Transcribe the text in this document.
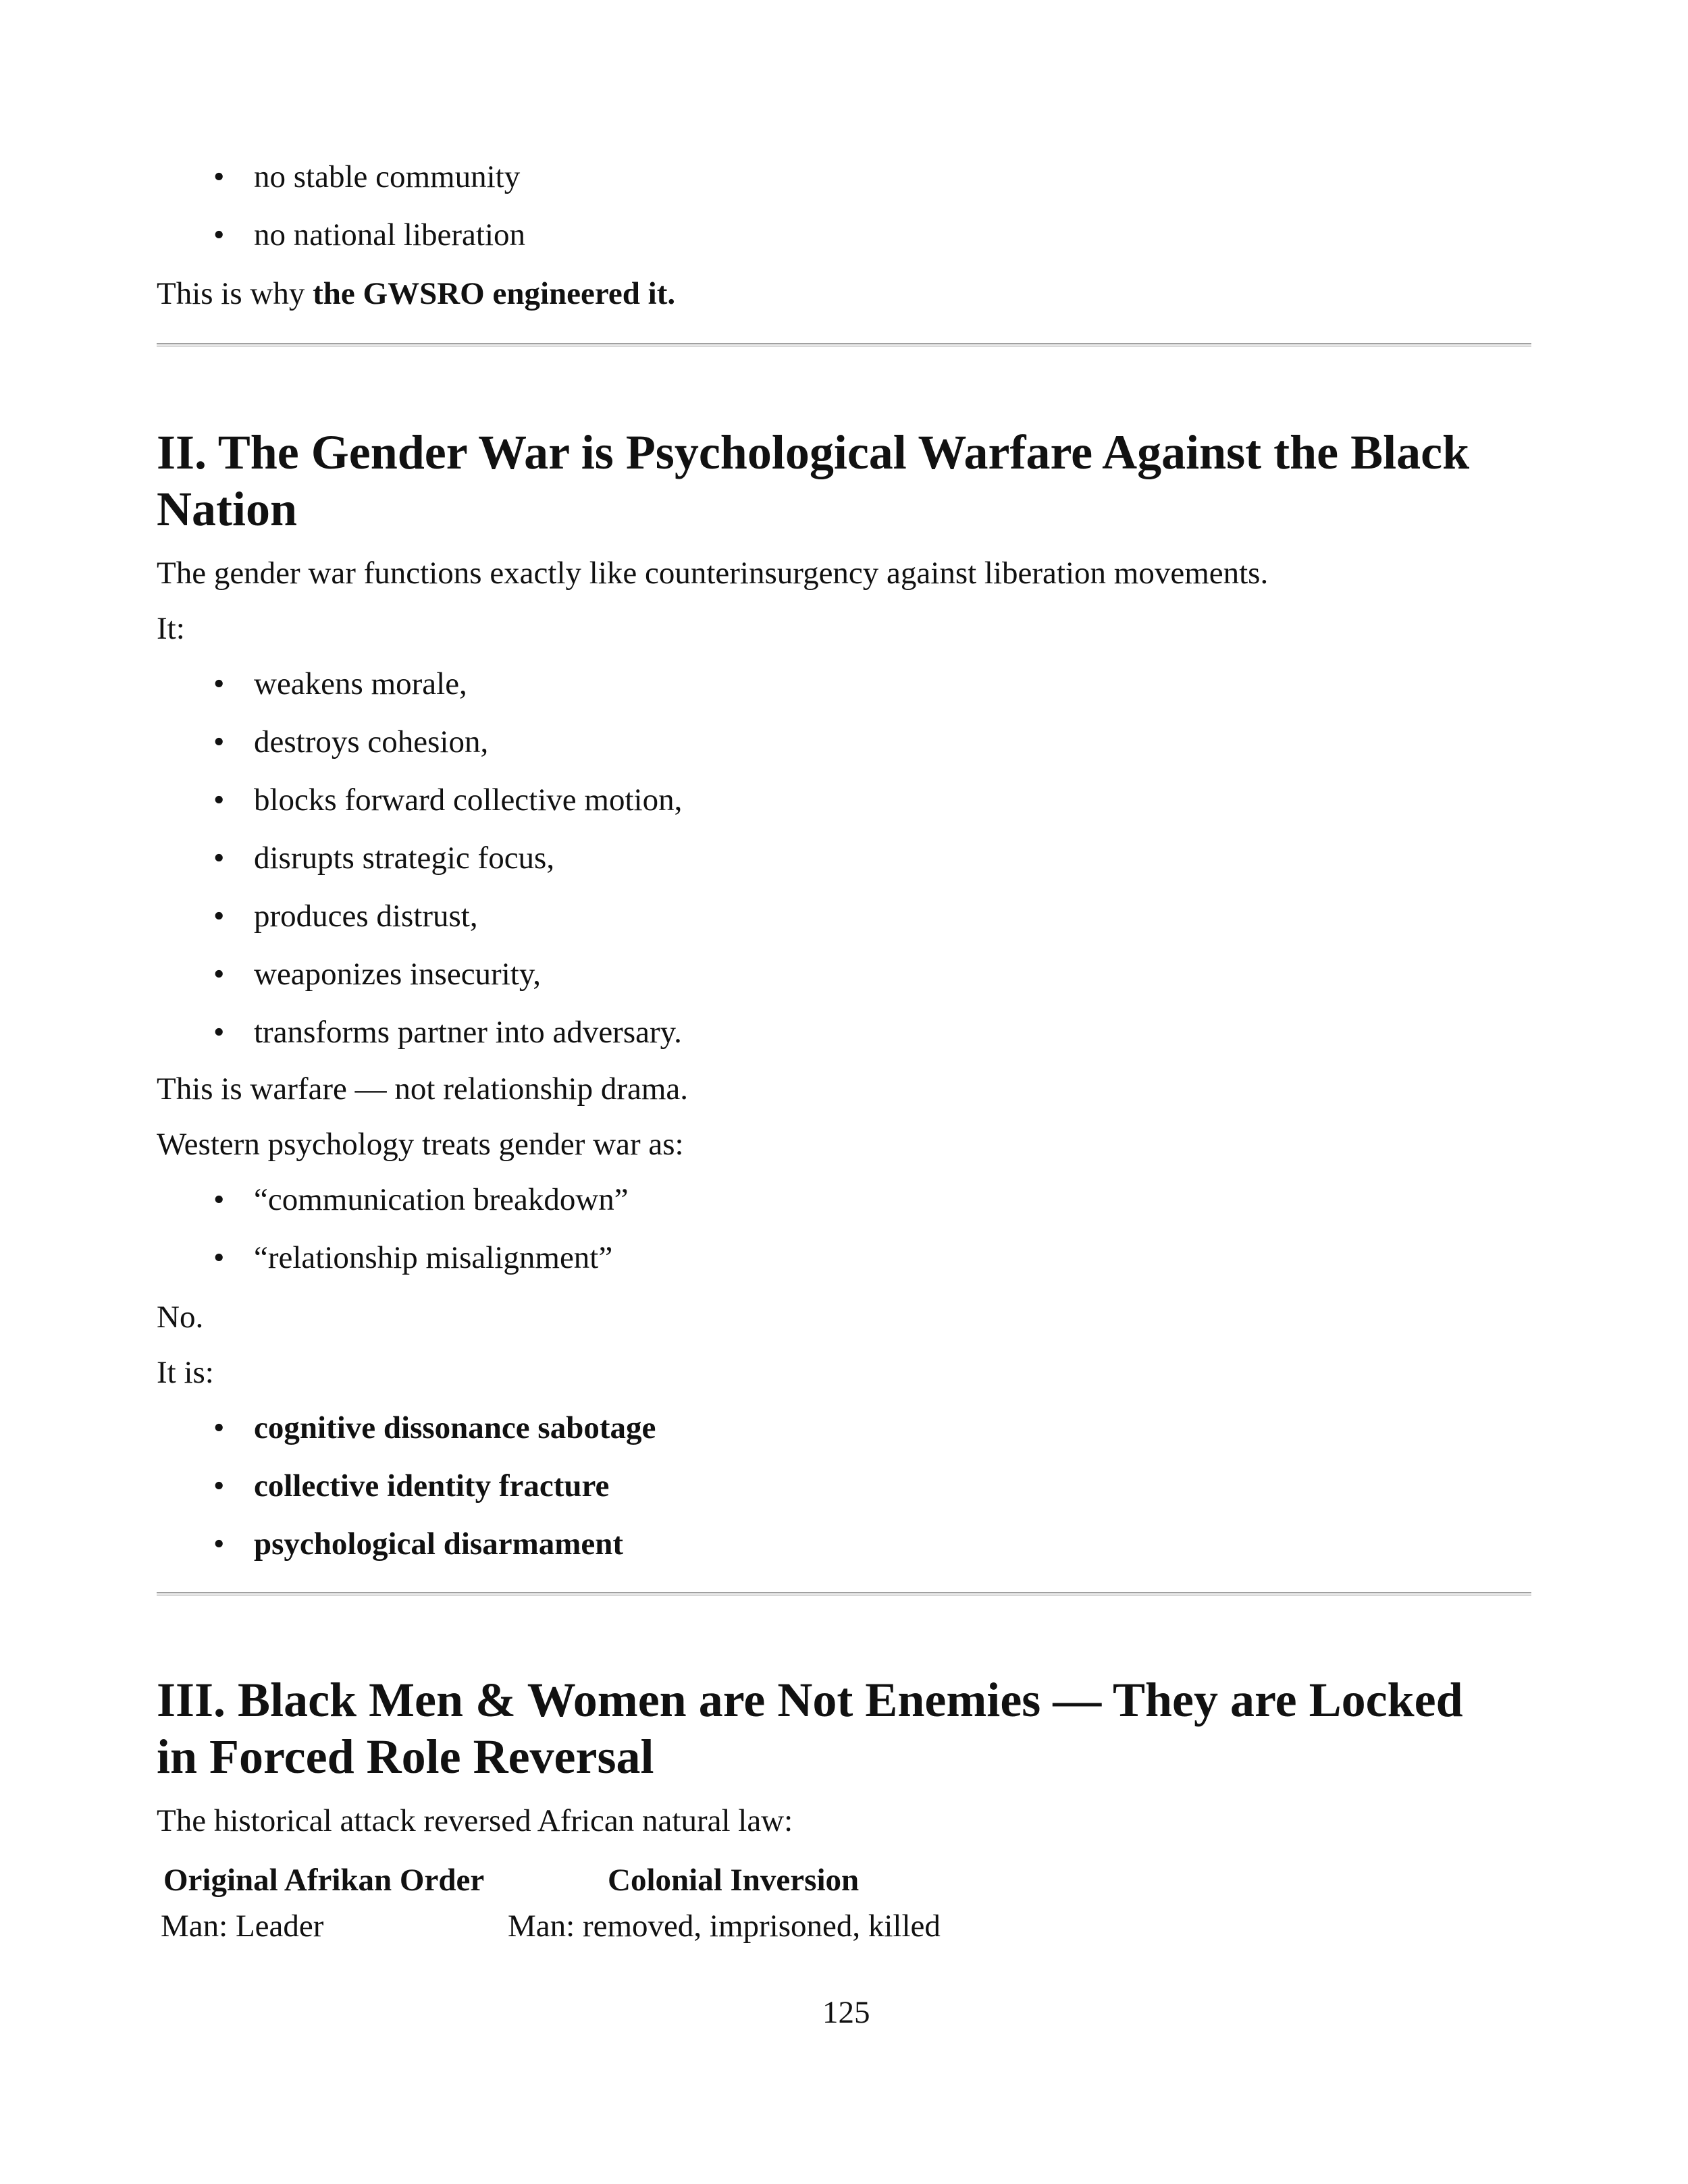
• no stable community
• no national liberation
This is why the GWSRO engineered it.
II. The Gender War is Psychological Warfare Against the Black
Nation
The gender war functions exactly like counterinsurgency against liberation movements.
It:
• weakens morale,
• destroys cohesion,
• blocks forward collective motion,
• disrupts strategic focus,
• produces distrust,
• weaponizes insecurity,
• transforms partner into adversary.
This is warfare — not relationship drama.
Western psychology treats gender war as:
• “communication breakdown”
• “relationship misalignment”
No.
It is:
• cognitive dissonance sabotage
• collective identity fracture
• psychological disarmament
III. Black Men & Women are Not Enemies — They are Locked
in Forced Role Reversal
The historical attack reversed African natural law:
Original Afrikan Order	Colonial Inversion
Man: Leader	Man: removed, imprisoned, killed
125
